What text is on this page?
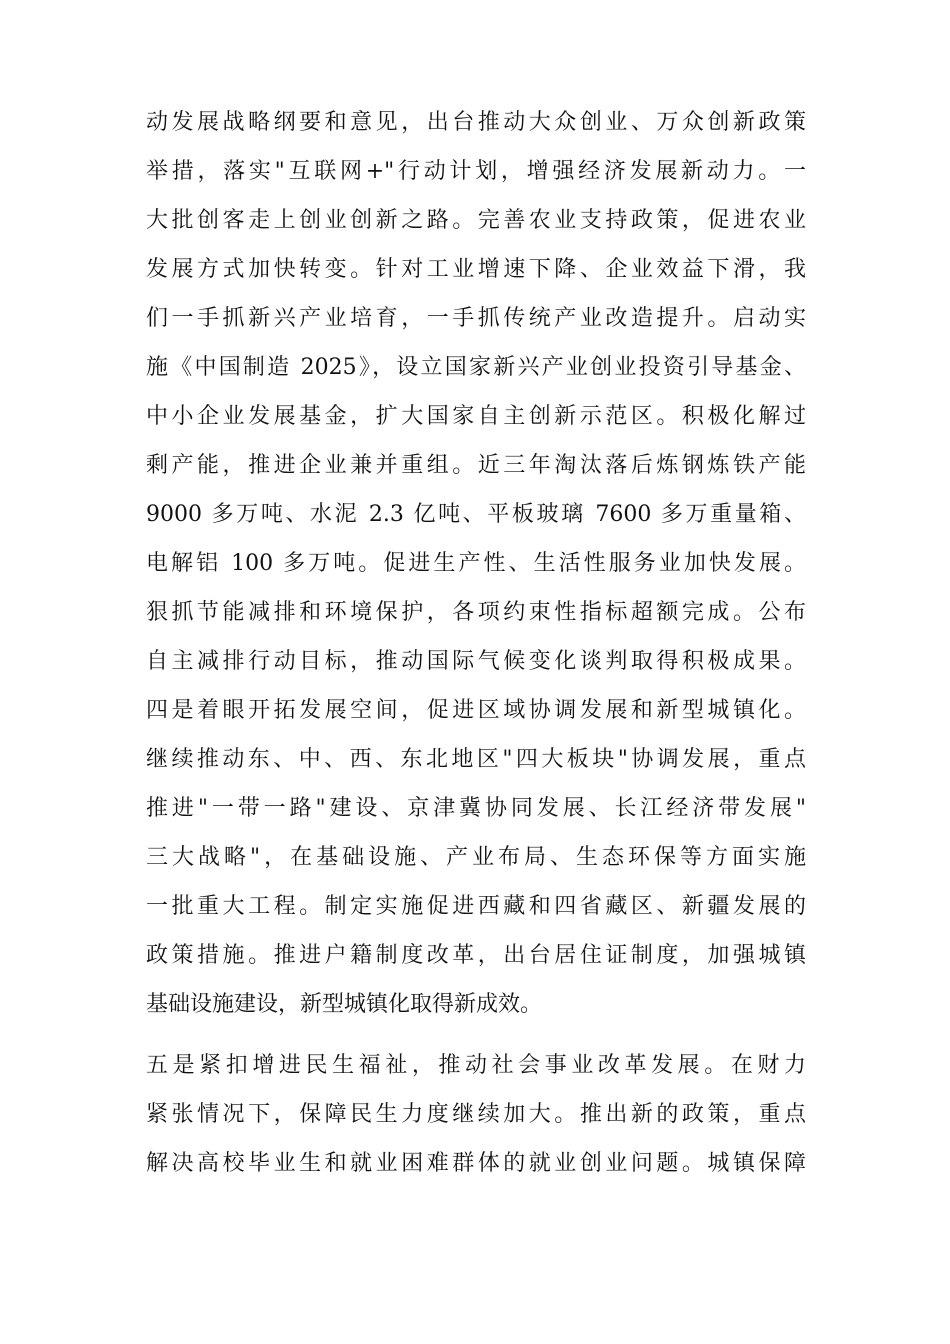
动发展战略纲要和意见，出台推动大众创业、万众创新政策
举措，落实"互联网+"行动计划，增强经济发展新动力。一
大批创客走上创业创新之路。完善农业支持政策，促进农业
发展方式加快转变。针对工业增速下降、企业效益下滑，我
们一手抓新兴产业培育，一手抓传统产业改造提升。启动实
施《中国制造 2025》，设立国家新兴产业创业投资引导基金、
中小企业发展基金，扩大国家自主创新示范区。积极化解过
剩产能，推进企业兼并重组。近三年淘汰落后炼钢炼铁产能
9000 多万吨、水泥 2.3 亿吨、平板玻璃 7600 多万重量箱、
电解铝 100 多万吨。促进生产性、生活性服务业加快发展。
狠抓节能减排和环境保护，各项约束性指标超额完成。公布
自主减排行动目标，推动国际气候变化谈判取得积极成果。
四是着眼开拓发展空间，促进区域协调发展和新型城镇化。
继续推动东、中、西、东北地区"四大板块"协调发展，重点
推进"一带一路"建设、京津冀协同发展、长江经济带发展"
三大战略"，在基础设施、产业布局、生态环保等方面实施
一批重大工程。制定实施促进西藏和四省藏区、新疆发展的
政策措施。推进户籍制度改革，出台居住证制度，加强城镇
基础设施建设，新型城镇化取得新成效。
五是紧扣增进民生福祉，推动社会事业改革发展。在财力
紧张情况下，保障民生力度继续加大。推出新的政策，重点
解决高校毕业生和就业困难群体的就业创业问题。城镇保障
